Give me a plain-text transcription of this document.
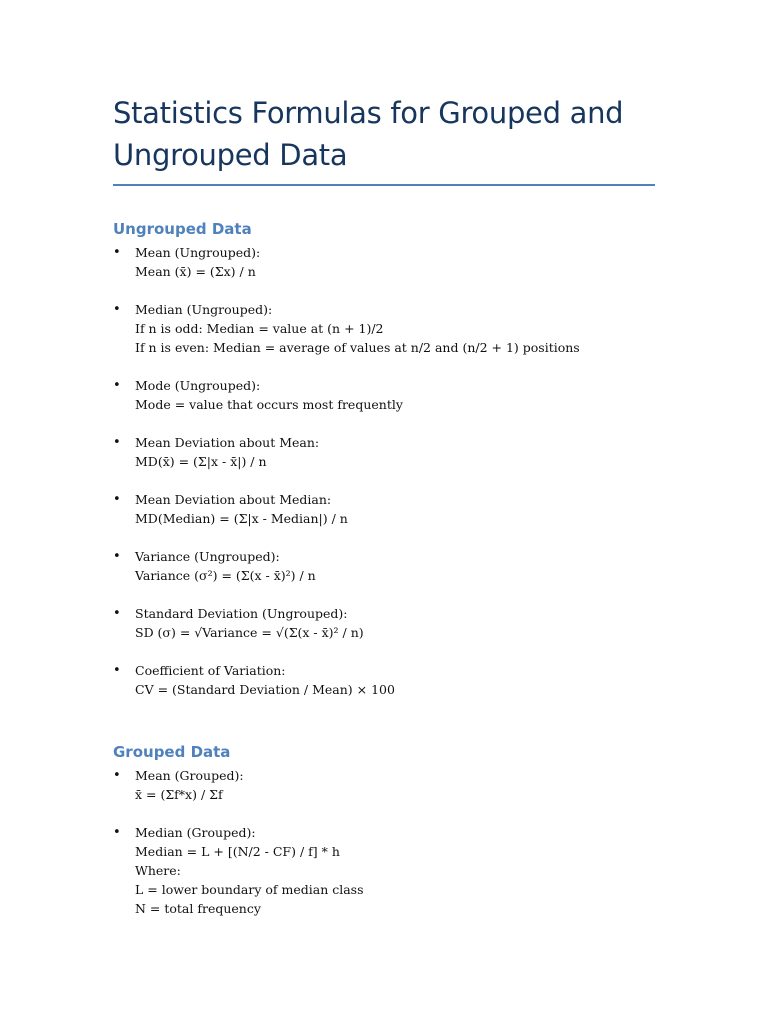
Statistics Formulas for Grouped and Ungrouped Data
Ungrouped Data
• Mean (Ungrouped):
Mean (x̄) = (Σx) / n
• Median (Ungrouped):
If n is odd: Median = value at (n + 1)/2
If n is even: Median = average of values at n/2 and (n/2 + 1) positions
• Mode (Ungrouped):
Mode = value that occurs most frequently
• Mean Deviation about Mean:
MD(x̄) = (Σ|x - x̄|) / n
• Mean Deviation about Median:
MD(Median) = (Σ|x - Median|) / n
• Variance (Ungrouped):
Variance (σ²) = (Σ(x - x̄)²) / n
• Standard Deviation (Ungrouped):
SD (σ) = √Variance = √(Σ(x - x̄)² / n)
• Coefficient of Variation:
CV = (Standard Deviation / Mean) × 100
Grouped Data
• Mean (Grouped):
x̄ = (Σf*x) / Σf
• Median (Grouped):
Median = L + [(N/2 - CF) / f] * h
Where:
L = lower boundary of median class
N = total frequency
